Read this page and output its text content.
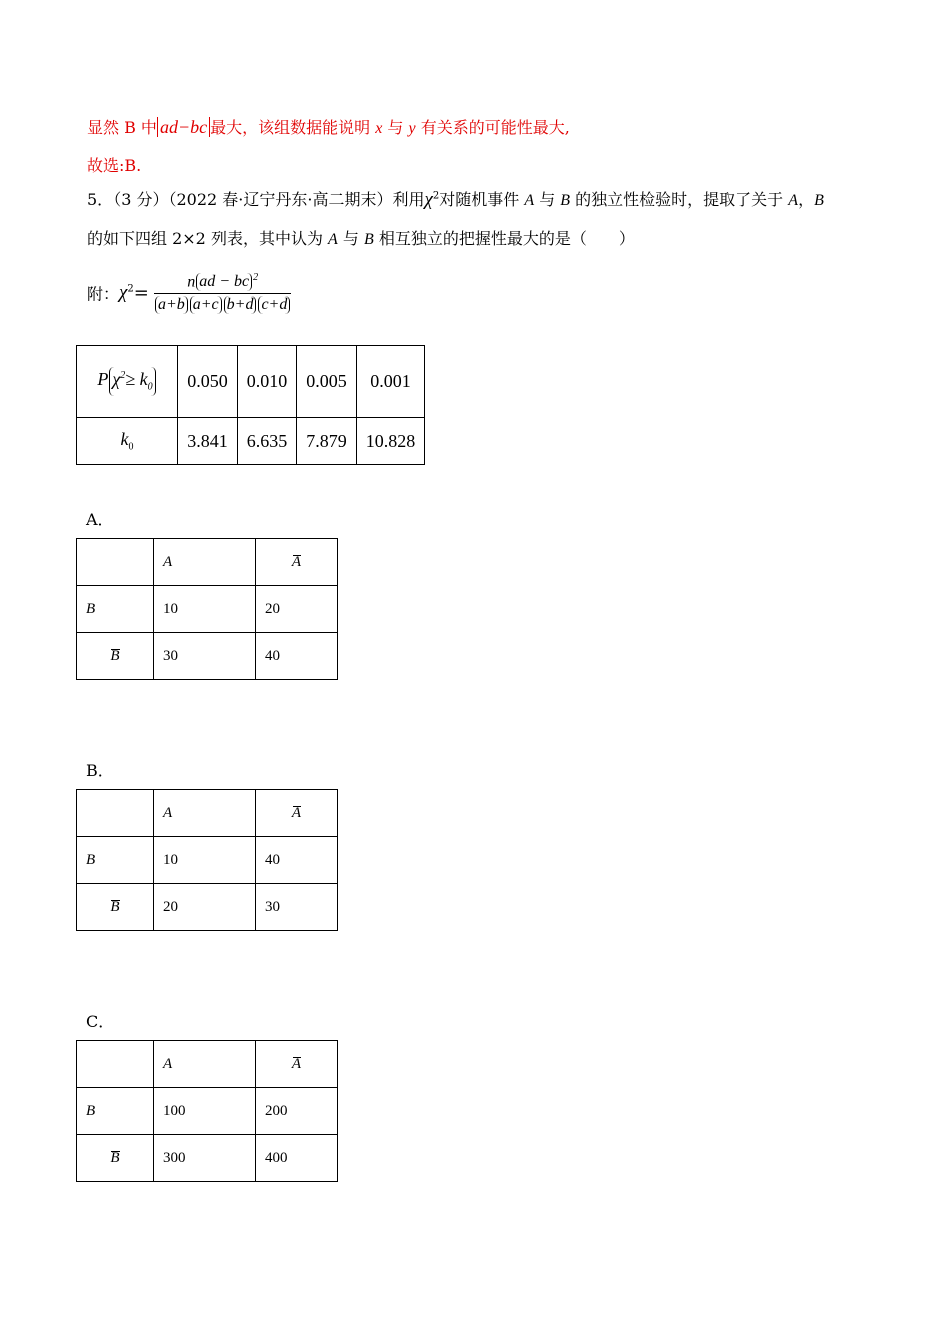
显然 B 中 ad−bc 最大，该组数据能说明 x 与 y 有关系的可能性最大,
故选:B.
5．（3 分）（2022 春·辽宁丹东·高二期末）利用$\chi^2$对随机事件 A 与 B 的独立性检验时，提取了关于 A，B
的如下四组 2×2 列表，其中认为 A 与 B 相互独立的把握性最大的是（　　）
附：$\chi^2= \frac{n ad - bc ^2}{\text{a+b a+c b+d c+d}}$
P $\chi^2\ge k_0$	0.050	0.010	0.005	0.001
$k_0$	3.841	6.635	7.879	10.828
A．
	A	A
B	10	20
B	30	40
B．
	A	A
B	10	40
B	20	30
C．
	A	A
B	100	200
B	300	400
